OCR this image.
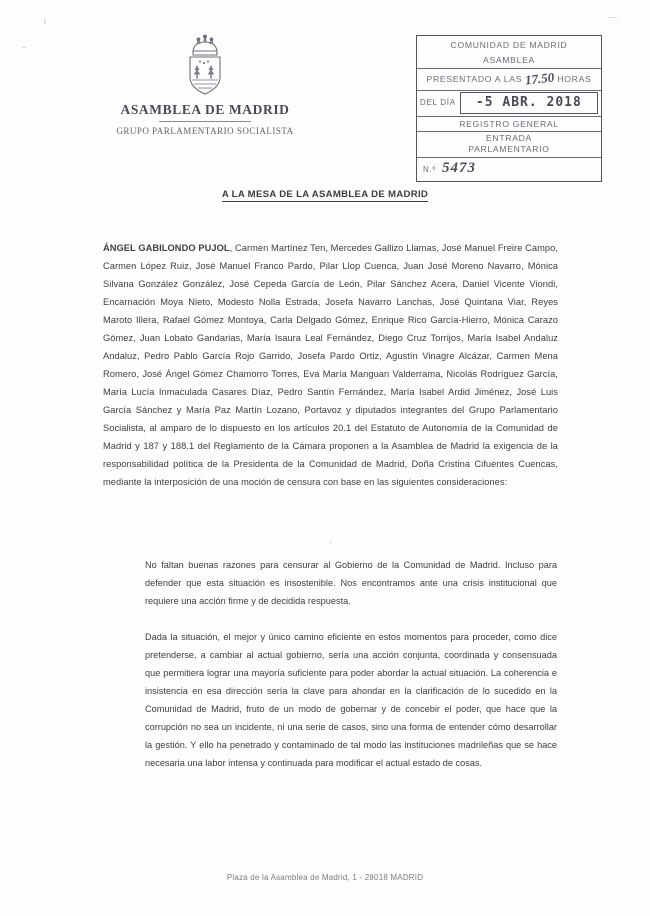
ASAMBLEA DE MADRID
GRUPO PARLAMENTARIO SOCIALISTA
COMUNIDAD DE MADRID
ASAMBLEA
PRESENTADO A LAS 17.50 HORAS
DEL DÍA	-5 ABR. 2018
REGISTRO GENERAL
ENTRADA
PARLAMENTARIO
N.º 5473
A LA MESA DE LA ASAMBLEA DE MADRID
ÁNGEL GABILONDO PUJOL, Carmen Martínez Ten, Mercedes Gallizo Llamas, José Manuel Freire Campo, Carmen López Ruiz, José Manuel Franco Pardo, Pilar Llop Cuenca, Juan José Moreno Navarro, Mónica Silvana González González, José Cepeda García de León, Pilar Sánchez Acera, Daniel Vicente Viondi, Encarnación Moya Nieto, Modesto Nolla Estrada, Josefa Navarro Lanchas, José Quintana Viar, Reyes Maroto Illera, Rafael Gómez Montoya, Carla Delgado Gómez, Enrique Rico García-Hierro, Mónica Carazo Gómez, Juan Lobato Gandarias, María Isaura Leal Fernández, Diego Cruz Torrijos, María Isabel Andaluz Andaluz, Pedro Pablo García Rojo Garrido, Josefa Pardo Ortiz, Agustín Vinagre Alcázar, Carmen Mena Romero, José Ángel Gómez Chamorro Torres, Eva María Manguan Valderrama, Nicolás Rodríguez García, María Lucía Inmaculada Casares Díaz, Pedro Santín Fernández, María Isabel Ardid Jiménez, José Luis García Sánchez y María Paz Martín Lozano, Portavoz y diputados integrantes del Grupo Parlamentario Socialista, al amparo de lo dispuesto en los artículos 20.1 del Estatuto de Autonomía de la Comunidad de Madrid y 187 y 188.1 del Reglamento de la Cámara proponen a la Asamblea de Madrid la exigencia de la responsabilidad política de la Presidenta de la Comunidad de Madrid, Doña Cristina Cifuentes Cuencas, mediante la interposición de una moción de censura con base en las siguientes consideraciones:

No faltan buenas razones para censurar al Gobierno de la Comunidad de Madrid. Incluso para defender que esta situación es insostenible. Nos encontramos ante una crisis institucional que requiere una acción firme y de decidida respuesta.

Dada la situación, el mejor y único camino eficiente en estos momentos para proceder, como dice pretenderse, a cambiar al actual gobierno, sería una acción conjunta, coordinada y consensuada que permitiera lograr una mayoría suficiente para poder abordar la actual situación. La coherencia e insistencia en esa dirección sería la clave para ahondar en la clarificación de lo sucedido en la Comunidad de Madrid, fruto de un modo de gobernar y de concebir el poder, que hace que la corrupción no sea un incidente, ni una serie de casos, sino una forma de entender cómo desarrollar la gestión. Y ello ha penetrado y contaminado de tal modo las instituciones madrileñas que se hace necesaria una labor intensa y continuada para modificar el actual estado de cosas.

Plaza de la Asamblea de Madrid, 1 - 28018 MADRID
